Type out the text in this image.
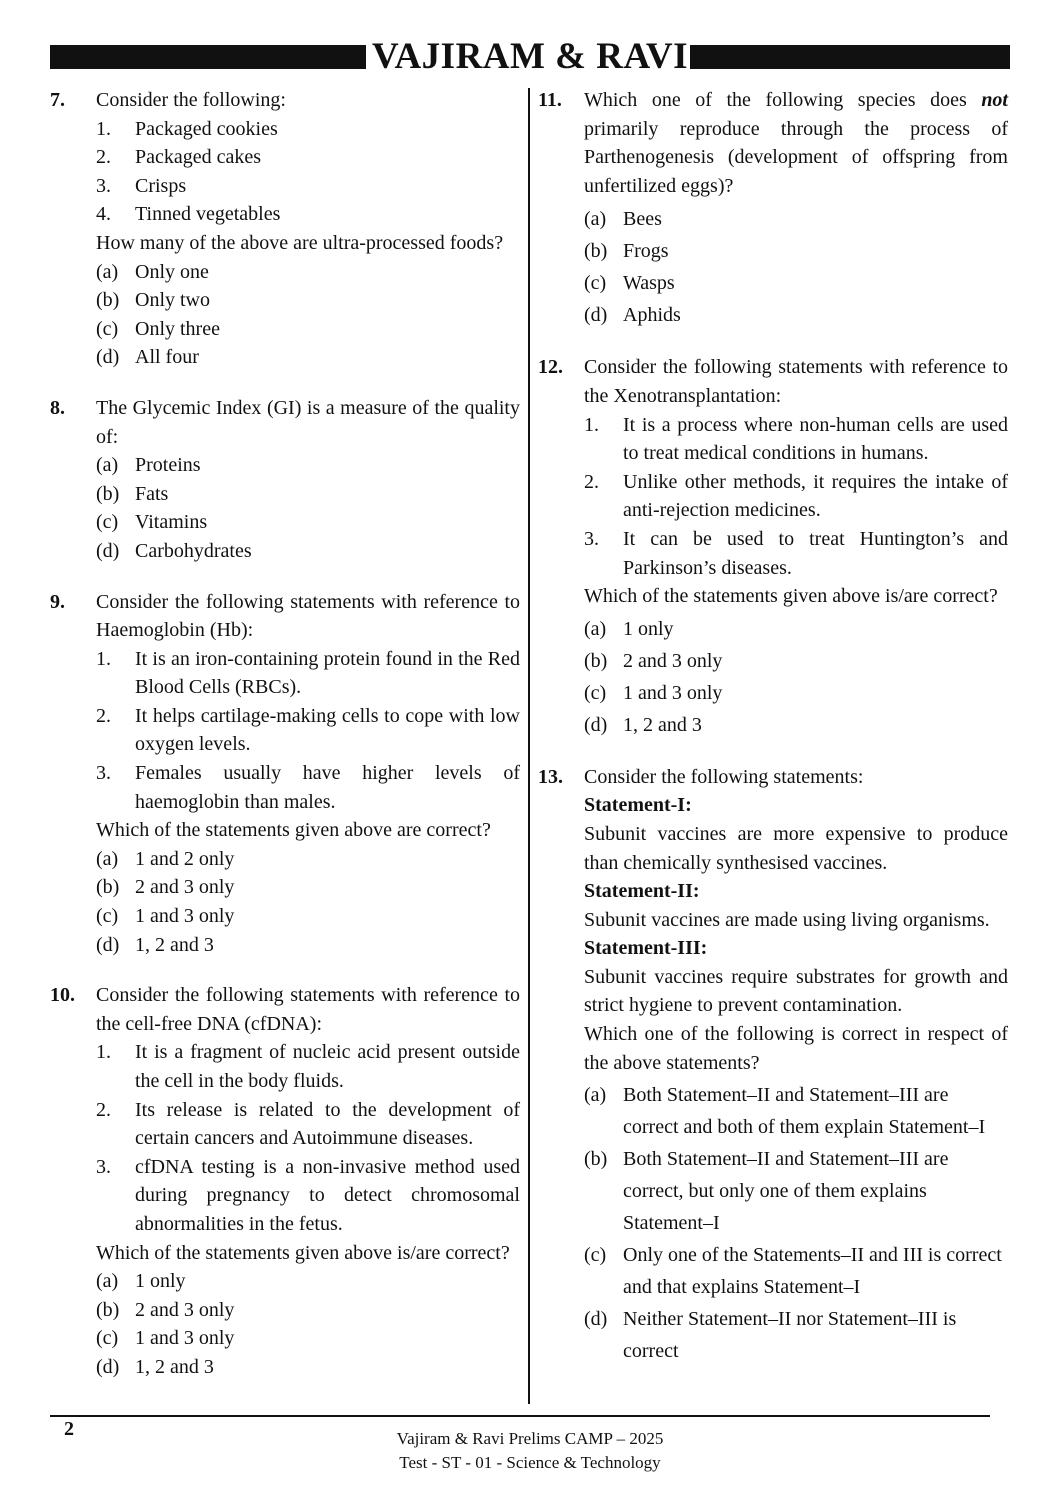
VAJIRAM & RAVI
7. Consider the following:

1. Packaged cookies
2. Packaged cakes
3. Crisps
4. Tinned vegetables

How many of the above are ultra-processed foods?

(a) Only one
(b) Only two
(c) Only three
(d) All four
8. The Glycemic Index (GI) is a measure of the quality of:

(a) Proteins
(b) Fats
(c) Vitamins
(d) Carbohydrates
9. Consider the following statements with reference to Haemoglobin (Hb):

1. It is an iron-containing protein found in the Red Blood Cells (RBCs).
2. It helps cartilage-making cells to cope with low oxygen levels.
3. Females usually have higher levels of haemoglobin than males.

Which of the statements given above are correct?

(a) 1 and 2 only
(b) 2 and 3 only
(c) 1 and 3 only
(d) 1, 2 and 3
10. Consider the following statements with reference to the cell-free DNA (cfDNA):

1. It is a fragment of nucleic acid present outside the cell in the body fluids.
2. Its release is related to the development of certain cancers and Autoimmune diseases.
3. cfDNA testing is a non-invasive method used during pregnancy to detect chromosomal abnormalities in the fetus.

Which of the statements given above is/are correct?

(a) 1 only
(b) 2 and 3 only
(c) 1 and 3 only
(d) 1, 2 and 3
11. Which one of the following species does not primarily reproduce through the process of Parthenogenesis (development of offspring from unfertilized eggs)?

(a) Bees
(b) Frogs
(c) Wasps
(d) Aphids
12. Consider the following statements with reference to the Xenotransplantation:

1. It is a process where non-human cells are used to treat medical conditions in humans.
2. Unlike other methods, it requires the intake of anti-rejection medicines.
3. It can be used to treat Huntington’s and Parkinson’s diseases.

Which of the statements given above is/are correct?

(a) 1 only
(b) 2 and 3 only
(c) 1 and 3 only
(d) 1, 2 and 3
13. Consider the following statements:

Statement-I:

Subunit vaccines are more expensive to produce than chemically synthesised vaccines.

Statement-II:

Subunit vaccines are made using living organisms.

Statement-III:

Subunit vaccines require substrates for growth and strict hygiene to prevent contamination.

Which one of the following is correct in respect of the above statements?

(a) Both Statement–II and Statement–III are correct and both of them explain Statement–I
(b) Both Statement–II and Statement–III are correct, but only one of them explains Statement–I
(c) Only one of the Statements–II and III is correct and that explains Statement–I
(d) Neither Statement–II nor Statement–III is correct
2	Vajiram & Ravi Prelims CAMP – 2025
Test - ST - 01 - Science & Technology
